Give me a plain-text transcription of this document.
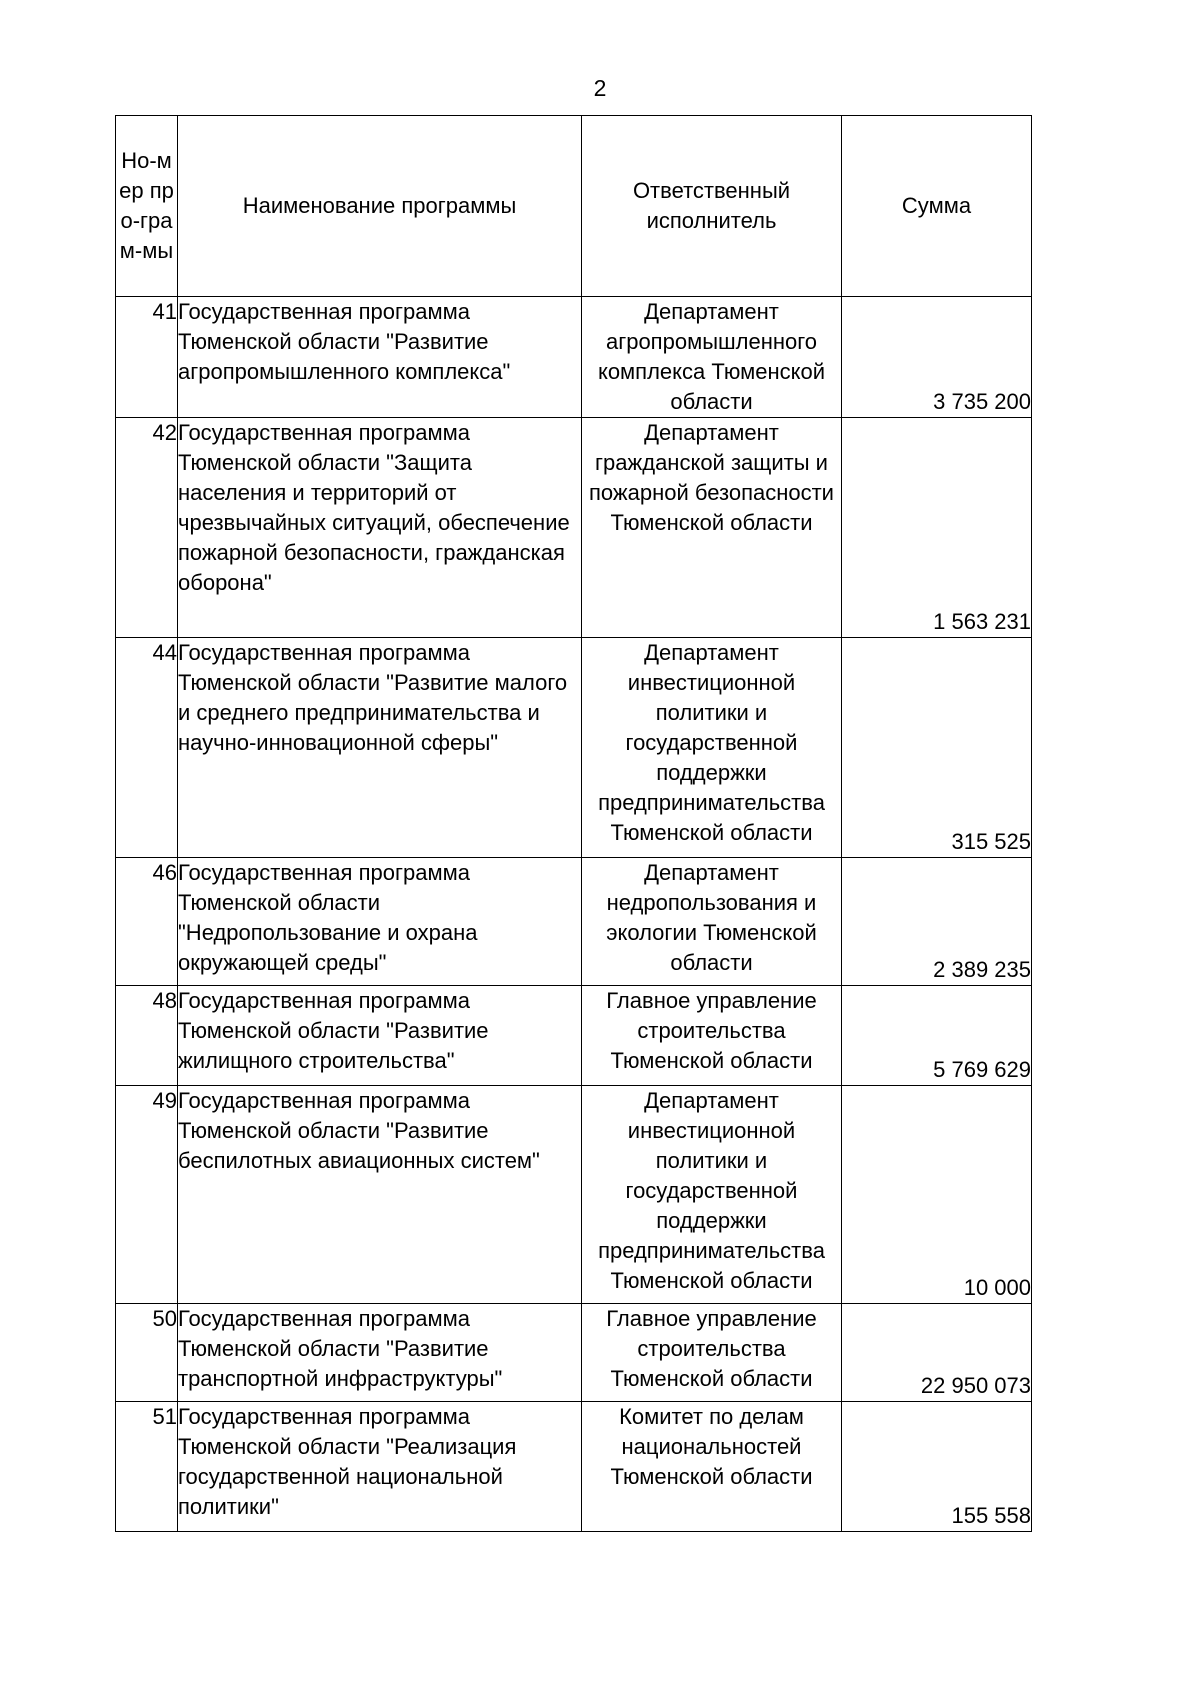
2
Но-мер про-грам-мы	Наименование программы	Ответственный исполнитель	Сумма
41	Государственная программа Тюменской области "Развитие агропромышленного комплекса"	Департамент агропромышленного комплекса Тюменской области	3 735 200
42	Государственная программа Тюменской области "Защита населения и территорий от чрезвычайных ситуаций, обеспечение пожарной безопасности, гражданская оборона"	Департамент гражданской защиты и пожарной безопасности Тюменской области	1 563 231
44	Государственная программа Тюменской области "Развитие малого и среднего предпринимательства и научно-инновационной сферы"	Департамент инвестиционной политики и государственной поддержки предпринимательства Тюменской области	315 525
46	Государственная программа Тюменской области "Недропользование и охрана окружающей среды"	Департамент недропользования и экологии Тюменской области	2 389 235
48	Государственная программа Тюменской области "Развитие жилищного строительства"	Главное управление строительства Тюменской области	5 769 629
49	Государственная программа Тюменской области "Развитие беспилотных авиационных систем"	Департамент инвестиционной политики и государственной поддержки предпринимательства Тюменской области	10 000
50	Государственная программа Тюменской области "Развитие транспортной инфраструктуры"	Главное управление строительства Тюменской области	22 950 073
51	Государственная программа Тюменской области "Реализация государственной национальной политики"	Комитет по делам национальностей Тюменской области	155 558
